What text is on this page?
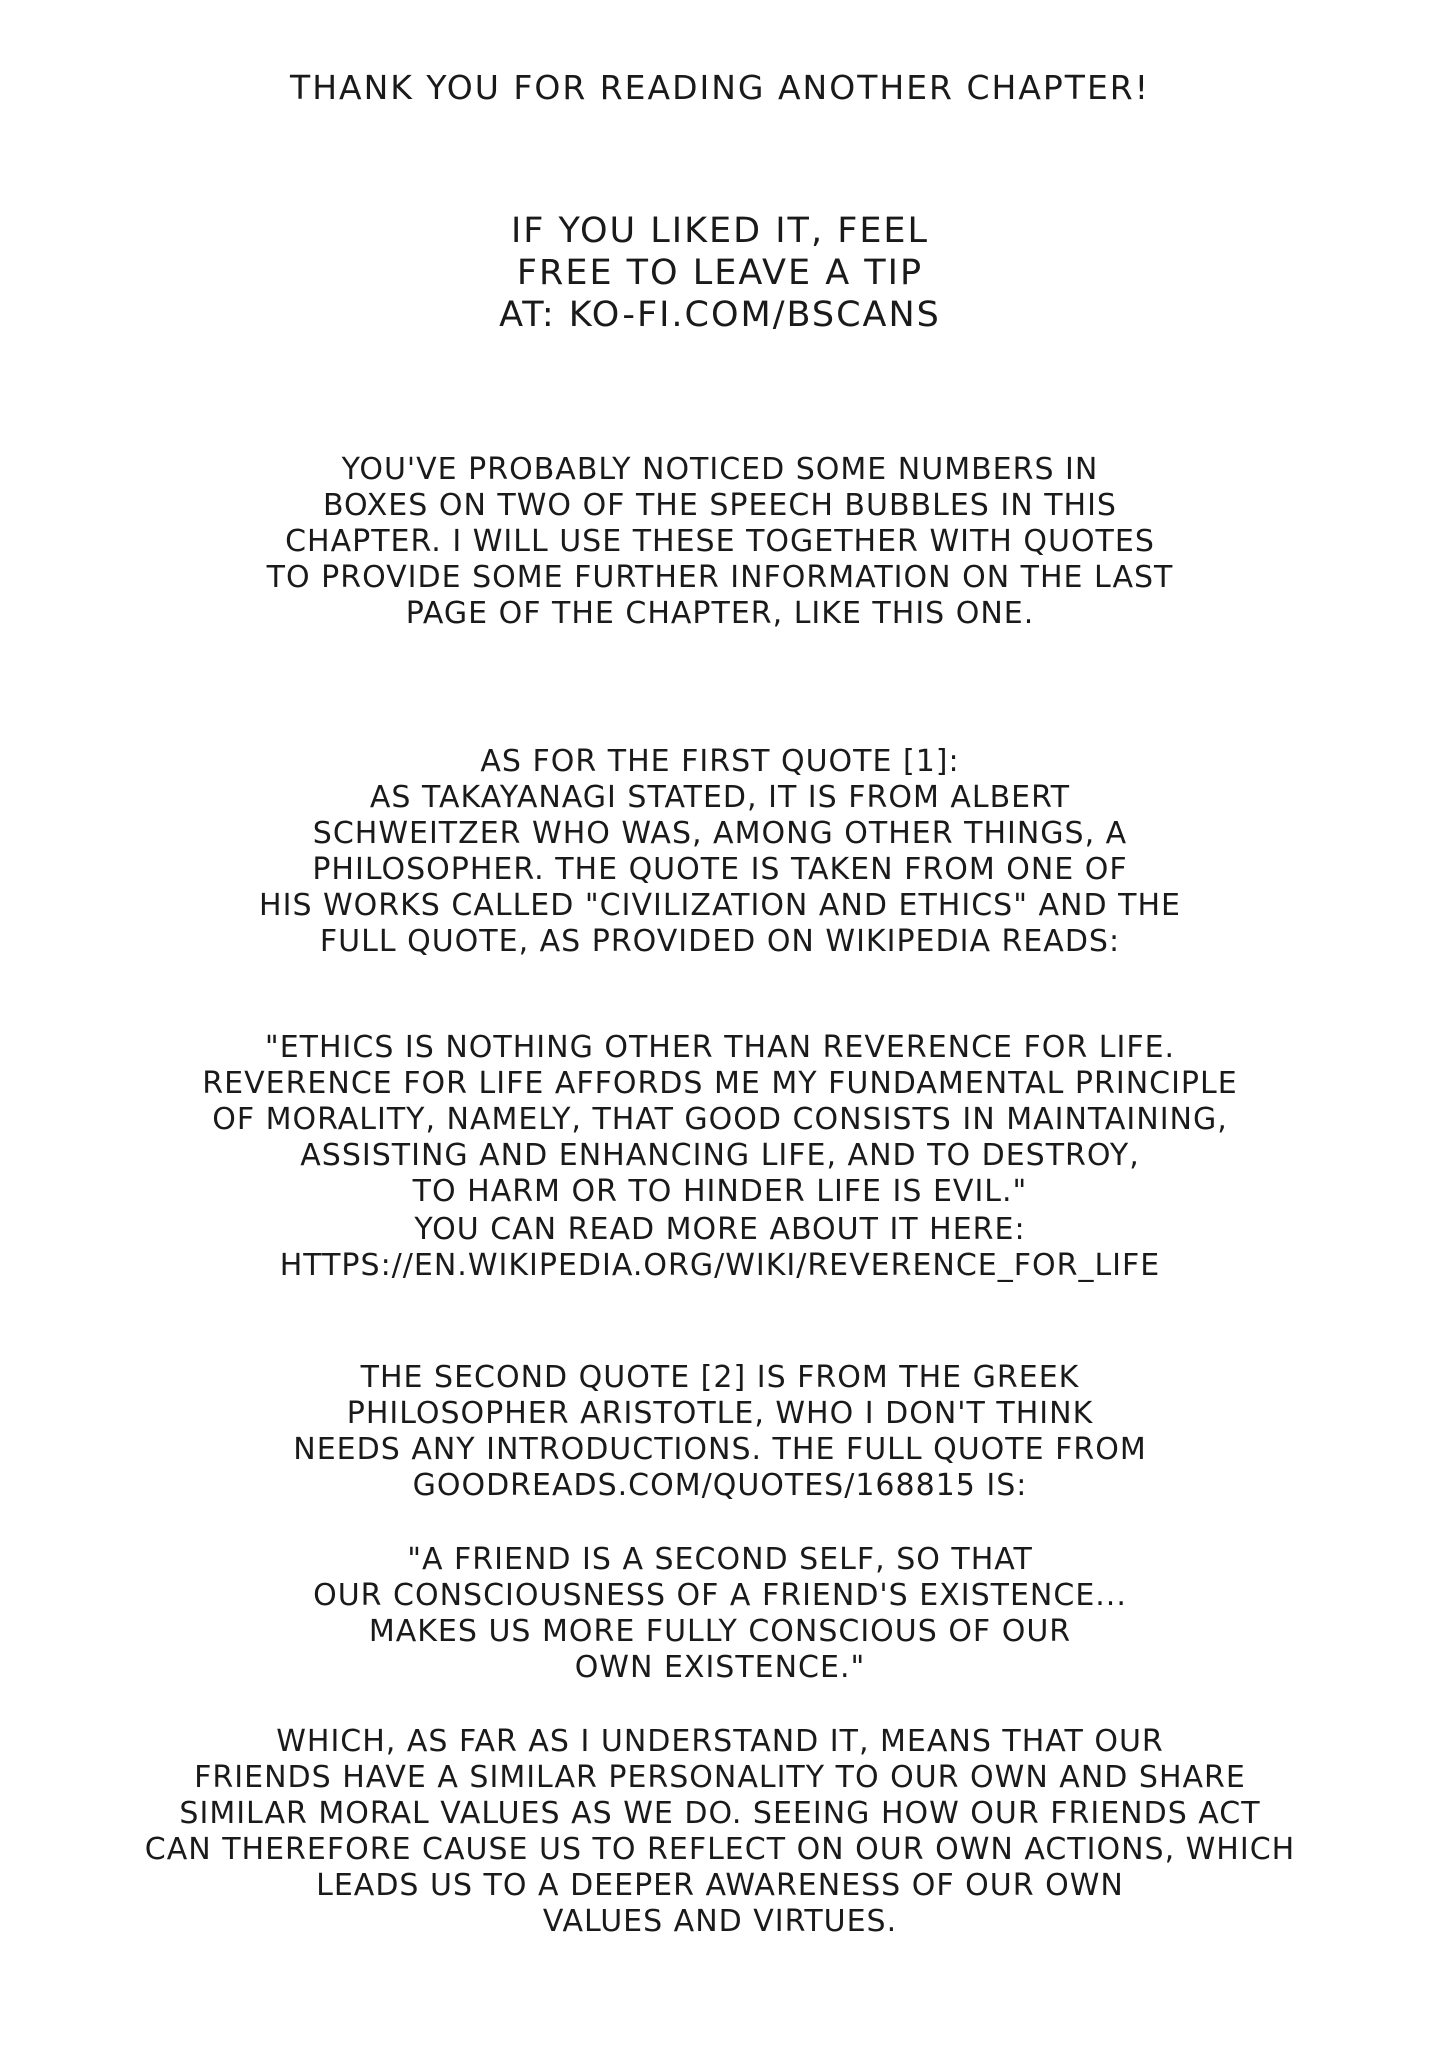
THANK YOU FOR READING ANOTHER CHAPTER!
IF YOU LIKED IT, FEEL
FREE TO LEAVE A TIP
AT: KO-FI.COM/BSCANS
YOU'VE PROBABLY NOTICED SOME NUMBERS IN
BOXES ON TWO OF THE SPEECH BUBBLES IN THIS
CHAPTER. I WILL USE THESE TOGETHER WITH QUOTES
TO PROVIDE SOME FURTHER INFORMATION ON THE LAST
PAGE OF THE CHAPTER, LIKE THIS ONE.
AS FOR THE FIRST QUOTE [1]:
AS TAKAYANAGI STATED, IT IS FROM ALBERT
SCHWEITZER WHO WAS, AMONG OTHER THINGS, A
PHILOSOPHER. THE QUOTE IS TAKEN FROM ONE OF
HIS WORKS CALLED "CIVILIZATION AND ETHICS" AND THE
FULL QUOTE, AS PROVIDED ON WIKIPEDIA READS:
"ETHICS IS NOTHING OTHER THAN REVERENCE FOR LIFE.
REVERENCE FOR LIFE AFFORDS ME MY FUNDAMENTAL PRINCIPLE
OF MORALITY, NAMELY, THAT GOOD CONSISTS IN MAINTAINING,
ASSISTING AND ENHANCING LIFE, AND TO DESTROY,
TO HARM OR TO HINDER LIFE IS EVIL."
YOU CAN READ MORE ABOUT IT HERE:
HTTPS://EN.WIKIPEDIA.ORG/WIKI/REVERENCE_FOR_LIFE
THE SECOND QUOTE [2] IS FROM THE GREEK
PHILOSOPHER ARISTOTLE, WHO I DON'T THINK
NEEDS ANY INTRODUCTIONS. THE FULL QUOTE FROM
GOODREADS.COM/QUOTES/168815 IS:
"A FRIEND IS A SECOND SELF, SO THAT
OUR CONSCIOUSNESS OF A FRIEND'S EXISTENCE...
MAKES US MORE FULLY CONSCIOUS OF OUR
OWN EXISTENCE."
WHICH, AS FAR AS I UNDERSTAND IT, MEANS THAT OUR
FRIENDS HAVE A SIMILAR PERSONALITY TO OUR OWN AND SHARE
SIMILAR MORAL VALUES AS WE DO. SEEING HOW OUR FRIENDS ACT
CAN THEREFORE CAUSE US TO REFLECT ON OUR OWN ACTIONS, WHICH
LEADS US TO A DEEPER AWARENESS OF OUR OWN
VALUES AND VIRTUES.
